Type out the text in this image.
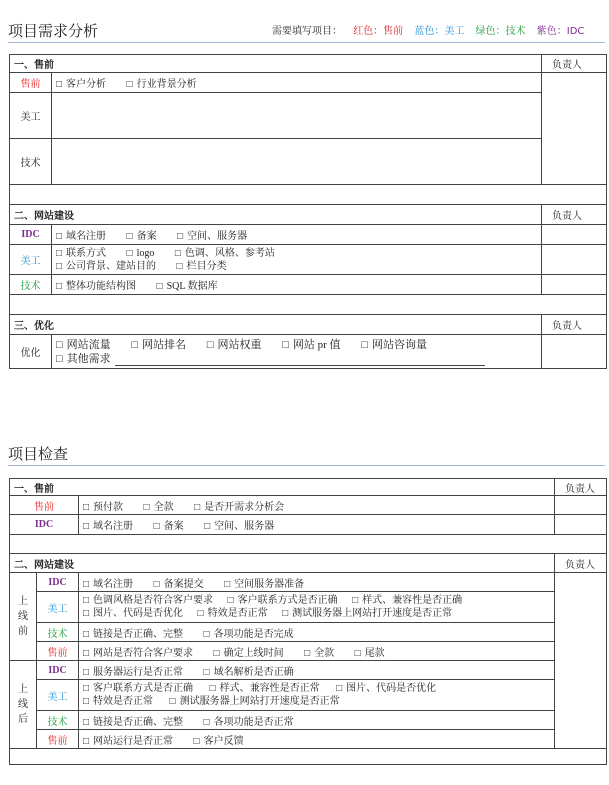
项目需求分析	需要填写项目： 红色：售前 蓝色：美工 绿色：技术 紫色：IDC
一、售前		负责人
售前	□ 客户分析 □ 行业背景分析	
美工		
技术		

二、网站建设		负责人
IDC	□ 域名注册 □ 备案 □ 空间、服务器	
美工	□ 联系方式 □ logo □ 色调、风格、参考站
□ 公司背景、建站目的 □ 栏目分类	
技术	□ 整体功能结构图 □ SQL 数据库	

三、优化		负责人
优化	□ 网站流量 □ 网站排名 □ 网站权重 □ 网站 pr 值 □ 网站咨询量
□ 其他需求	
项目检查
一、售前			负责人
售前		□ 预付款 □ 全款 □ 是否开需求分析会	
IDC		□ 域名注册 □ 备案 □ 空间、服务器	

二、网站建设			负责人
上
线
前	IDC	□ 域名注册 □ 备案提交 □ 空间服务器准备	
	美工	□ 色调风格是否符合客户要求 □ 客户联系方式是否正确 □ 样式、兼容性是否正确
□ 图片、代码是否优化 □ 特效是否正常 □ 测试服务器上网站打开速度是否正常
	技术	□ 链接是否正确、完整 □ 各项功能是否完成
	售前	□ 网站是否符合客户要求 □ 确定上线时间 □ 全款 □ 尾款
上
线
后	IDC	□ 服务器运行是否正常 □ 域名解析是否正确
	美工	□ 客户联系方式是否正确 □ 样式、兼容性是否正常 □ 图片、代码是否优化
□ 特效是否正常 □ 测试服务器上网站打开速度是否正常
	技术	□ 链接是否正确、完整 □ 各项功能是否正常
	售前	□ 网站运行是否正常 □ 客户反馈
